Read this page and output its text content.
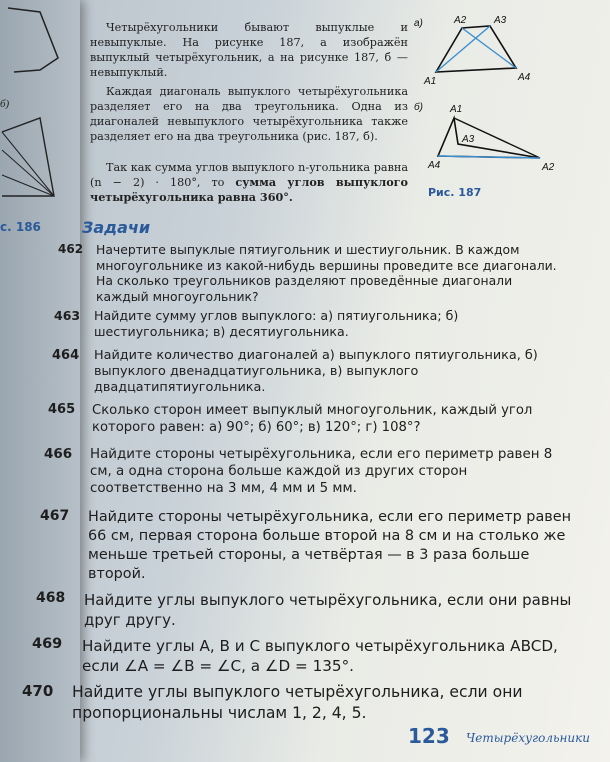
б)
с. 186

Четырёхугольники бывают выпуклые и невыпуклые. На рисунке 187, а изображён выпуклый четырёхугольник, а на рисунке 187, б — невыпуклый.

Каждая диагональ выпуклого четырёхугольника разделяет его на два треугольника. Одна из диагоналей невыпуклого четырёхугольника также разделяет его на два треугольника (рис. 187, б).

Так как сумма углов выпуклого n-угольника равна (n − 2) · 180°, то сумма углов выпуклого четырёхугольника равна 360°.

а)
A1
A2	A3
A4
б)	A1
A2
A3
A4
Рис. 187
Задачи
462 Начертите выпуклые пятиугольник и шестиугольник. В каждом многоугольнике из какой-нибудь вершины проведите все диагонали. На сколько треугольников разделяют проведённые диагонали каждый многоугольник?
463 Найдите сумму углов выпуклого: а) пятиугольника; б) шестиугольника; в) десятиугольника.
464 Найдите количество диагоналей а) выпуклого пятиугольника, б) выпуклого двенадцатиугольника, в) выпуклого двадцатипятиугольника.
465 Сколько сторон имеет выпуклый многоугольник, каждый угол которого равен: а) 90°; б) 60°; в) 120°; г) 108°?
466 Найдите стороны четырёхугольника, если его периметр равен 8 см, а одна сторона больше каждой из других сторон соответственно на 3 мм, 4 мм и 5 мм.
467 Найдите стороны четырёхугольника, если его периметр равен 66 см, первая сторона больше второй на 8 см и на столько же меньше третьей стороны, а четвёртая — в 3 раза больше второй.
468 Найдите углы выпуклого четырёхугольника, если они равны друг другу.
469 Найдите углы A, B и C выпуклого четырёхугольника ABCD, если ∠A = ∠B = ∠C, а ∠D = 135°.
470 Найдите углы выпуклого четырёхугольника, если они пропорциональны числам 1, 2, 4, 5.
123 Четырёхугольники
